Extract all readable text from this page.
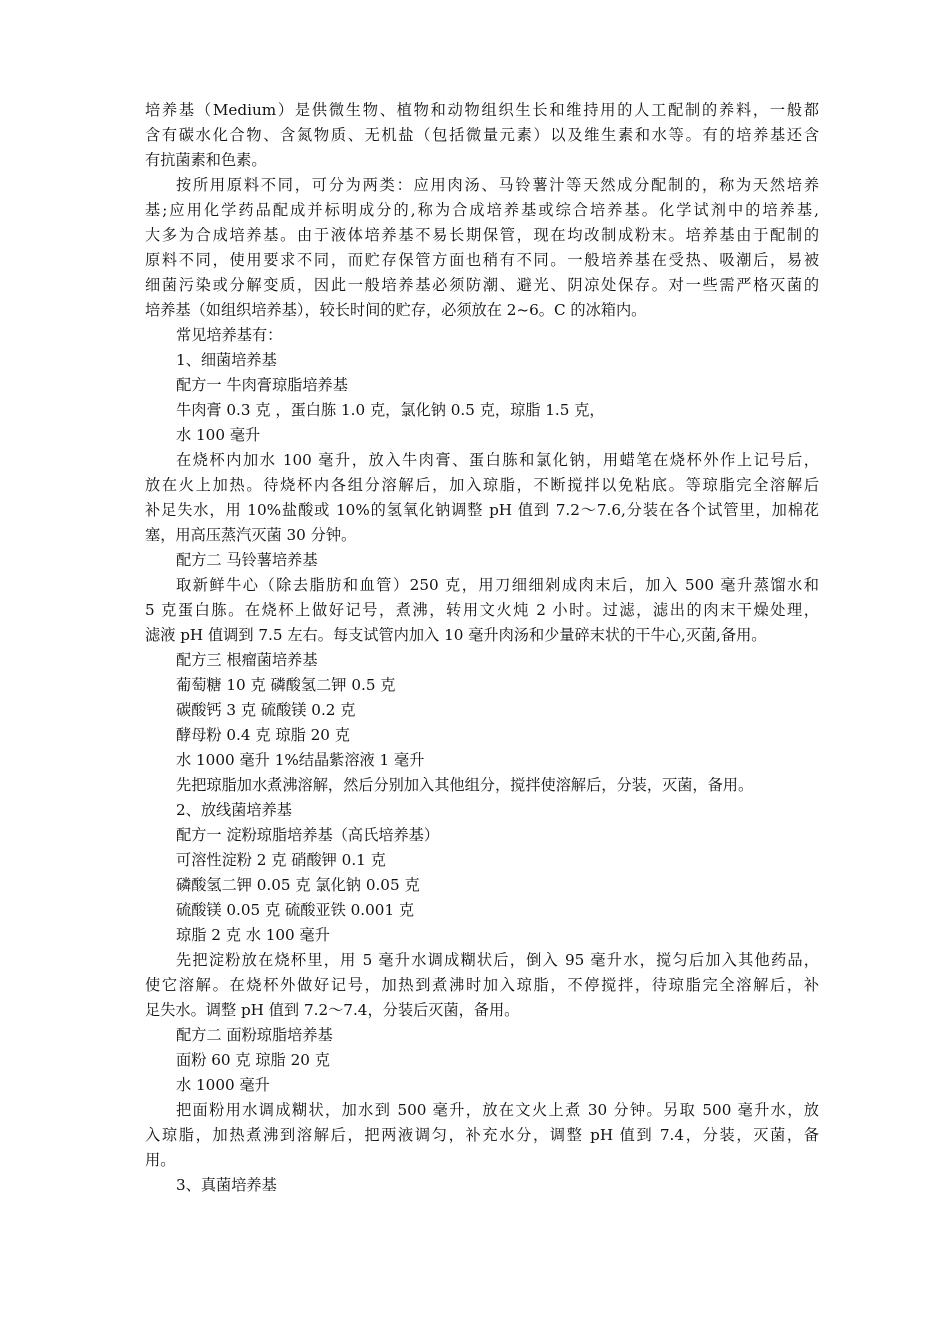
培养基（Medium）是供微生物、植物和动物组织生长和维持用的人工配制的养料，一般都
含有碳水化合物、含氮物质、无机盐（包括微量元素）以及维生素和水等。有的培养基还含
有抗菌素和色素。
按所用原料不同，可分为两类：应用肉汤、马铃薯汁等天然成分配制的，称为天然培养
基;应用化学药品配成并标明成分的,称为合成培养基或综合培养基。化学试剂中的培养基,
大多为合成培养基。由于液体培养基不易长期保管，现在均改制成粉末。培养基由于配制的
原料不同，使用要求不同，而贮存保管方面也稍有不同。一般培养基在受热、吸潮后，易被
细菌污染或分解变质，因此一般培养基必须防潮、避光、阴凉处保存。对一些需严格灭菌的
培养基（如组织培养基），较长时间的贮存，必须放在 2~6。C 的冰箱内。
常见培养基有：
1、细菌培养基
配方一 牛肉膏琼脂培养基
牛肉膏 0.3 克 ，蛋白胨 1.0 克，氯化钠 0.5 克，琼脂 1.5 克，
水 100 毫升
在烧杯内加水 100 毫升，放入牛肉膏、蛋白胨和氯化钠，用蜡笔在烧杯外作上记号后，
放在火上加热。待烧杯内各组分溶解后，加入琼脂，不断搅拌以免粘底。等琼脂完全溶解后
补足失水，用 10%盐酸或 10%的氢氧化钠调整 pH 值到 7.2～7.6,分装在各个试管里，加棉花
塞，用高压蒸汽灭菌 30 分钟。
配方二 马铃薯培养基
取新鲜牛心（除去脂肪和血管）250 克，用刀细细剁成肉末后，加入 500 毫升蒸馏水和
5 克蛋白胨。在烧杯上做好记号，煮沸，转用文火炖 2 小时。过滤，滤出的肉末干燥处理，
滤液 pH 值调到 7.5 左右。每支试管内加入 10 毫升肉汤和少量碎末状的干牛心,灭菌,备用。
配方三 根瘤菌培养基
葡萄糖 10 克 磷酸氢二钾 0.5 克
碳酸钙 3 克 硫酸镁 0.2 克
酵母粉 0.4 克 琼脂 20 克
水 1000 毫升 1%结晶紫溶液 1 毫升
先把琼脂加水煮沸溶解，然后分别加入其他组分，搅拌使溶解后，分装，灭菌，备用。
2、放线菌培养基
配方一 淀粉琼脂培养基（高氏培养基）
可溶性淀粉 2 克 硝酸钾 0.1 克
磷酸氢二钾 0.05 克 氯化钠 0.05 克
硫酸镁 0.05 克 硫酸亚铁 0.001 克
琼脂 2 克 水 100 毫升
先把淀粉放在烧杯里，用 5 毫升水调成糊状后，倒入 95 毫升水，搅匀后加入其他药品，
使它溶解。在烧杯外做好记号，加热到煮沸时加入琼脂，不停搅拌，待琼脂完全溶解后，补
足失水。调整 pH 值到 7.2～7.4，分装后灭菌，备用。
配方二 面粉琼脂培养基
面粉 60 克 琼脂 20 克
水 1000 毫升
把面粉用水调成糊状，加水到 500 毫升，放在文火上煮 30 分钟。另取 500 毫升水，放
入琼脂，加热煮沸到溶解后，把两液调匀，补充水分，调整 pH 值到 7.4，分装，灭菌，备
用。
3、真菌培养基
